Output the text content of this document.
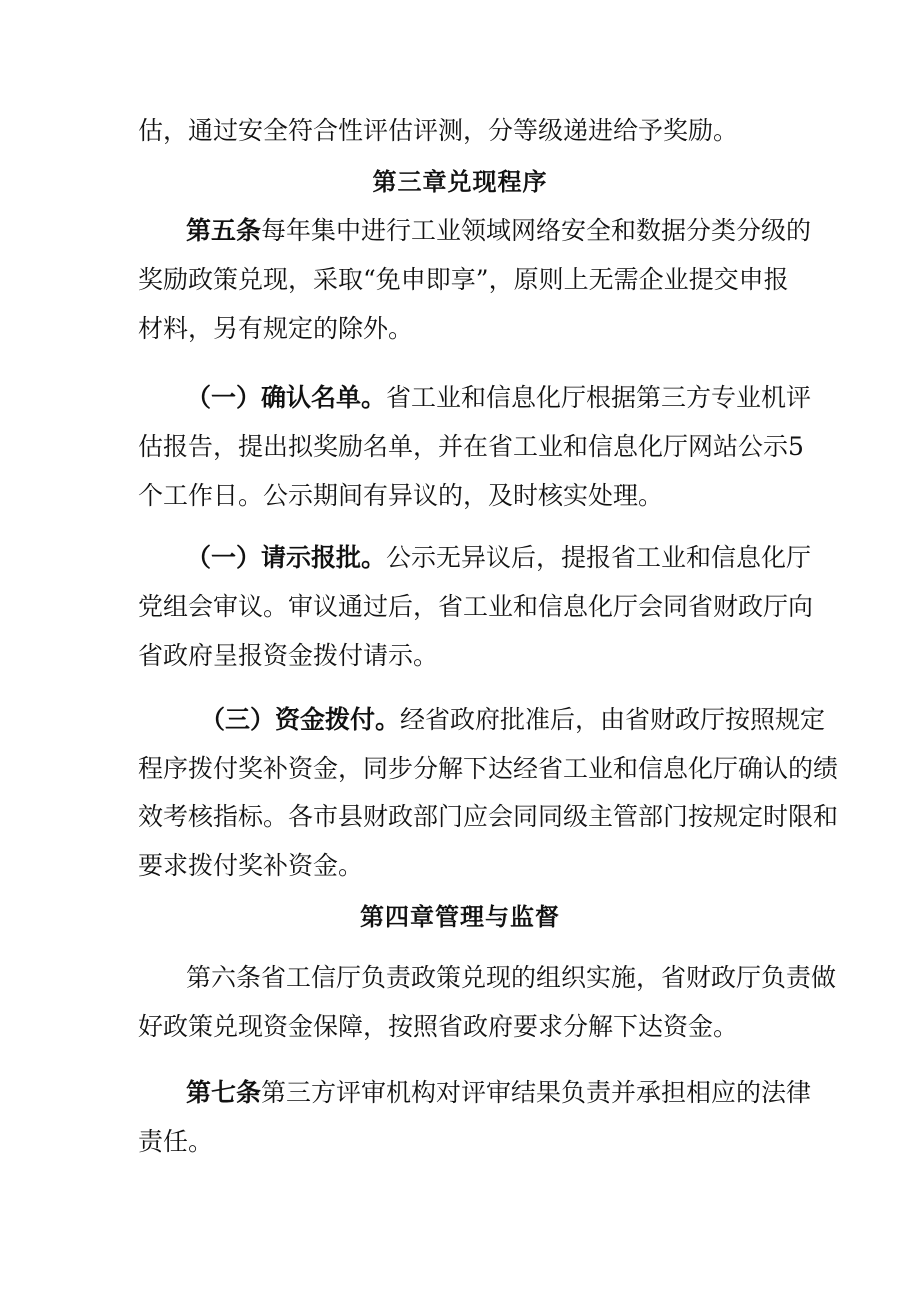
估，通过安全符合性评估评测，分等级递进给予奖励。
第三章兑现程序
第五条每年集中进行工业领域网络安全和数据分类分级的
奖励政策兑现，采取“免申即享”，原则上无需企业提交申报
材料，另有规定的除外。
（一）确认名单。省工业和信息化厅根据第三方专业机评
估报告，提出拟奖励名单，并在省工业和信息化厅网站公示5
个工作日。公示期间有异议的，及时核实处理。
（一）请示报批。公示无异议后，提报省工业和信息化厅
党组会审议。审议通过后，省工业和信息化厅会同省财政厅向
省政府呈报资金拨付请示。
（三）资金拨付。经省政府批准后，由省财政厅按照规定
程序拨付奖补资金，同步分解下达经省工业和信息化厅确认的绩
效考核指标。各市县财政部门应会同同级主管部门按规定时限和
要求拨付奖补资金。
第四章管理与监督
第六条省工信厅负责政策兑现的组织实施，省财政厅负责做
好政策兑现资金保障，按照省政府要求分解下达资金。
第七条第三方评审机构对评审结果负责并承担相应的法律
责任。
